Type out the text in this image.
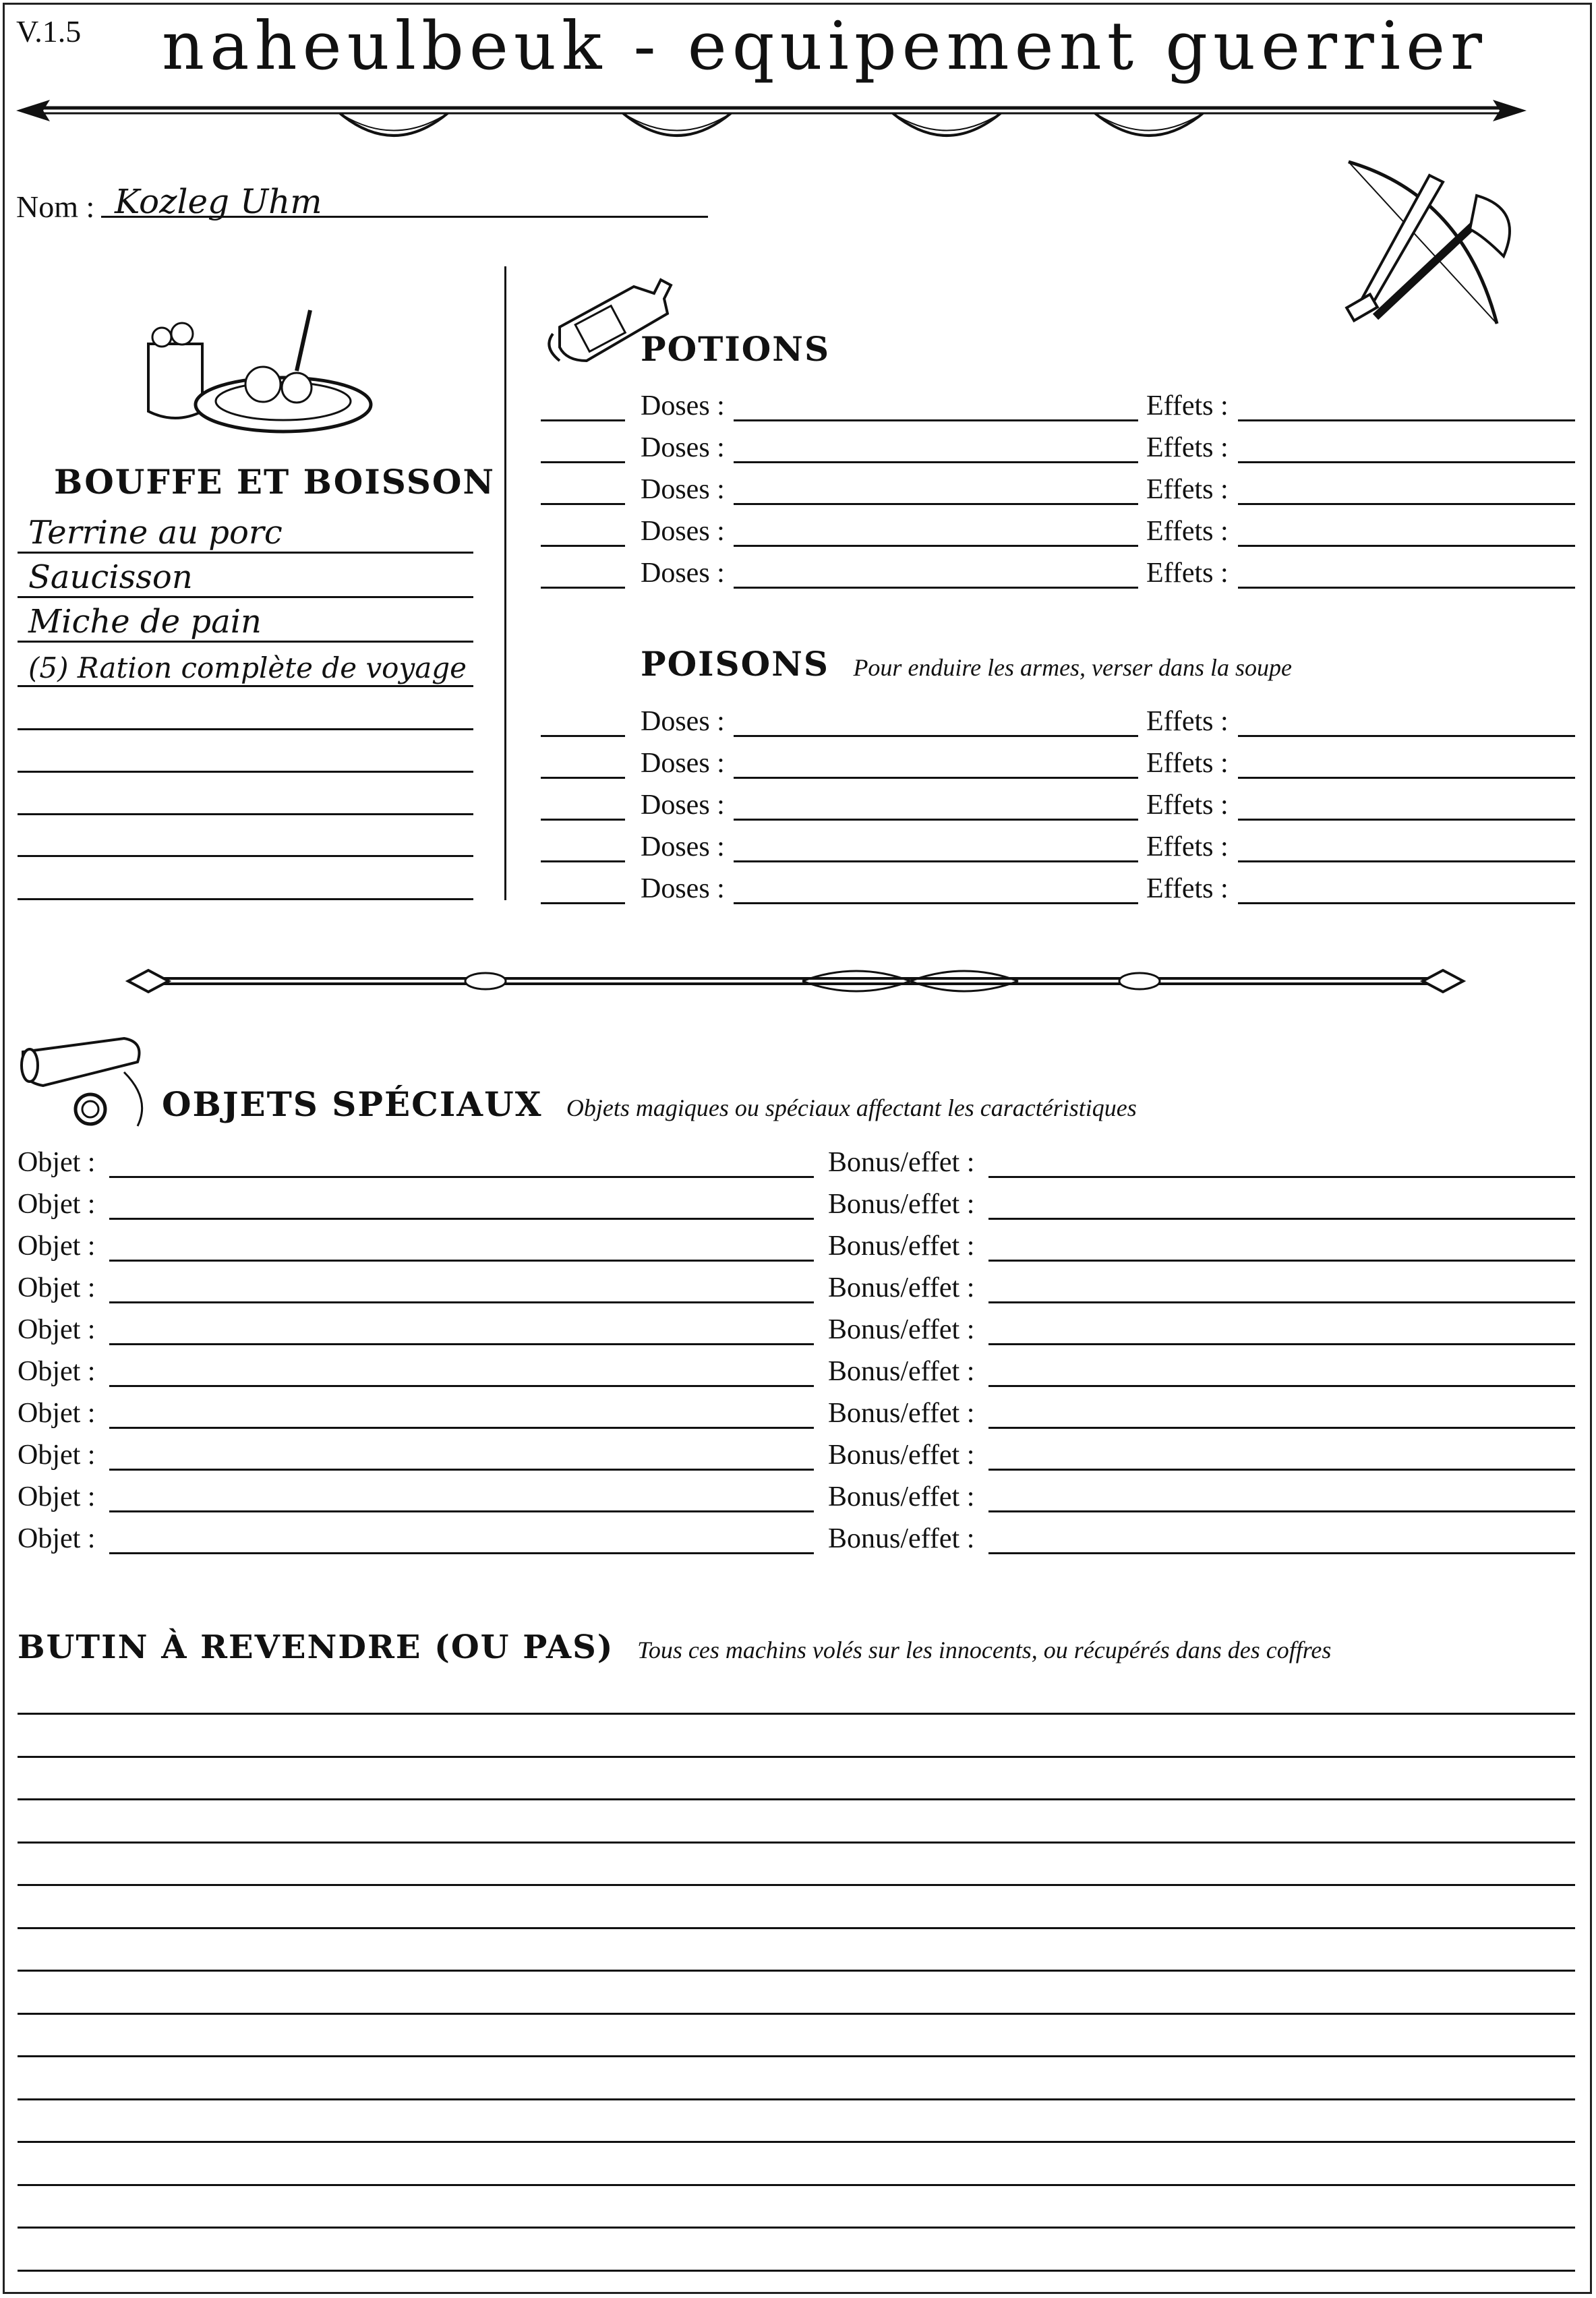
V.1.5 naheulbeuk - equipement guerrier
Nom : Kozleg Uhm
BOUFFE ET BOISSON
Terrine au porc
Saucisson
Miche de pain
(5) Ration complète de voyage
POTIONS
Doses :	Effets :
Doses :	Effets :
Doses :	Effets :
Doses :	Effets :
Doses :	Effets :
POISONS Pour enduire les armes, verser dans la soupe
Doses :	Effets :
Doses :	Effets :
Doses :	Effets :
Doses :	Effets :
Doses :	Effets :
OBJETS SPÉCIAUX Objets magiques ou spéciaux affectant les caractéristiques
Objet :	Bonus/effet :
Objet :	Bonus/effet :
Objet :	Bonus/effet :
Objet :	Bonus/effet :
Objet :	Bonus/effet :
Objet :	Bonus/effet :
Objet :	Bonus/effet :
Objet :	Bonus/effet :
Objet :	Bonus/effet :
Objet :	Bonus/effet :
BUTIN À REVENDRE (OU PAS) Tous ces machins volés sur les innocents, ou récupérés dans des coffres
